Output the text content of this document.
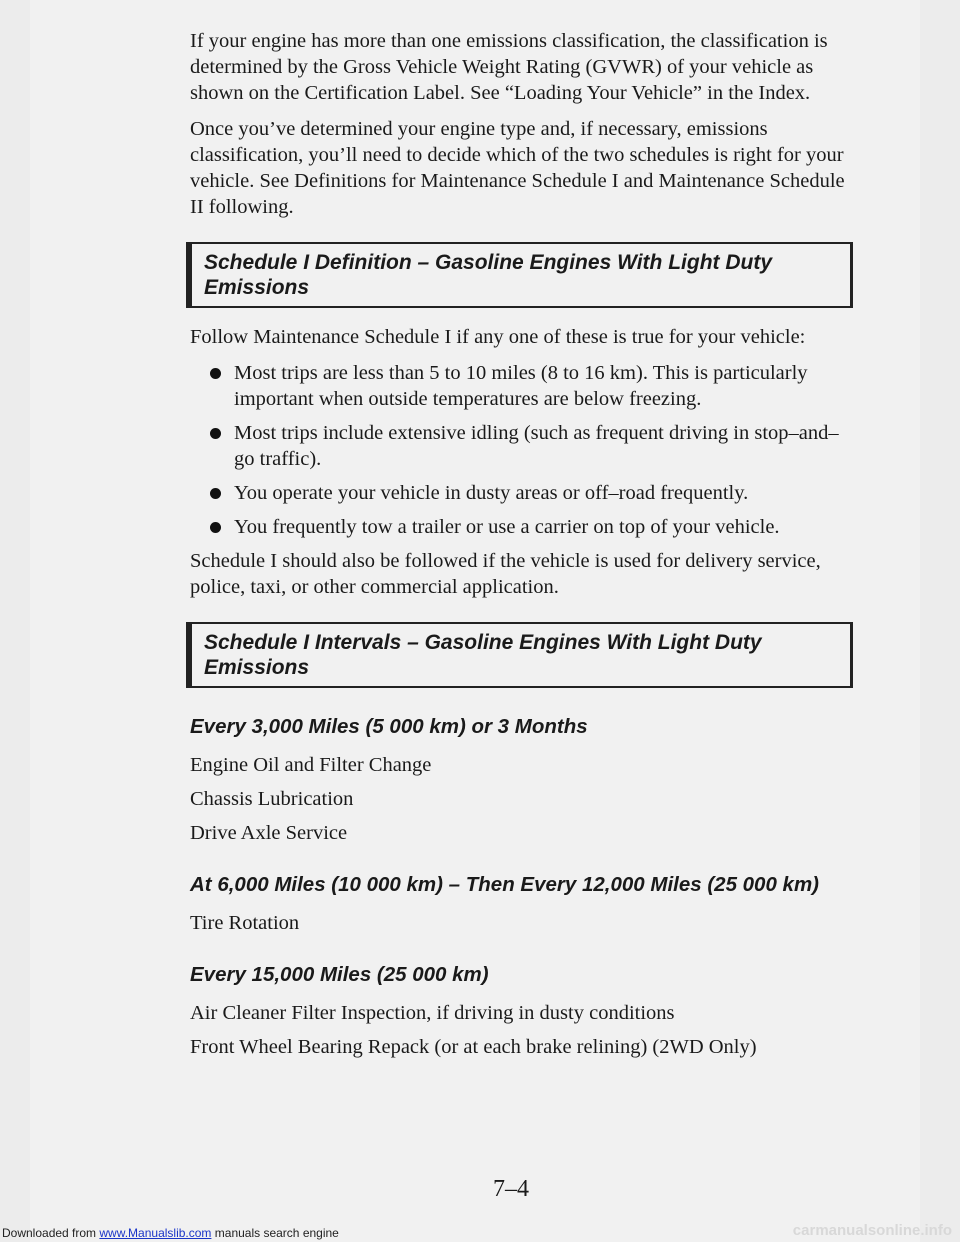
If your engine has more than one emissions classification, the classification is determined by the Gross Vehicle Weight Rating (GVWR) of your vehicle as shown on the Certification Label. See “Loading Your Vehicle” in the Index.

Once you’ve determined your engine type and, if necessary, emissions classification, you’ll need to decide which of the two schedules is right for your vehicle. See Definitions for Maintenance Schedule I and Maintenance Schedule II following.

Schedule I Definition – Gasoline Engines With Light Duty Emissions

Follow Maintenance Schedule I if any one of these is true for your vehicle:

Most trips are less than 5 to 10 miles (8 to 16 km). This is particularly important when outside temperatures are below freezing.
Most trips include extensive idling (such as frequent driving in stop–and–go traffic).
You operate your vehicle in dusty areas or off–road frequently.
You frequently tow a trailer or use a carrier on top of your vehicle.

Schedule I should also be followed if the vehicle is used for delivery service, police, taxi, or other commercial application.

Schedule I Intervals – Gasoline Engines With Light Duty Emissions
Every 3,000 Miles (5 000 km) or 3 Months
Engine Oil and Filter Change
Chassis Lubrication
Drive Axle Service
At 6,000 Miles (10 000 km) – Then Every 12,000 Miles (25 000 km)
Tire Rotation
Every 15,000 Miles (25 000 km)
Air Cleaner Filter Inspection, if driving in dusty conditions
Front Wheel Bearing Repack (or at each brake relining) (2WD Only)
7–4
Downloaded from www.Manualslib.com manuals search engine	carmanualsonline.info
